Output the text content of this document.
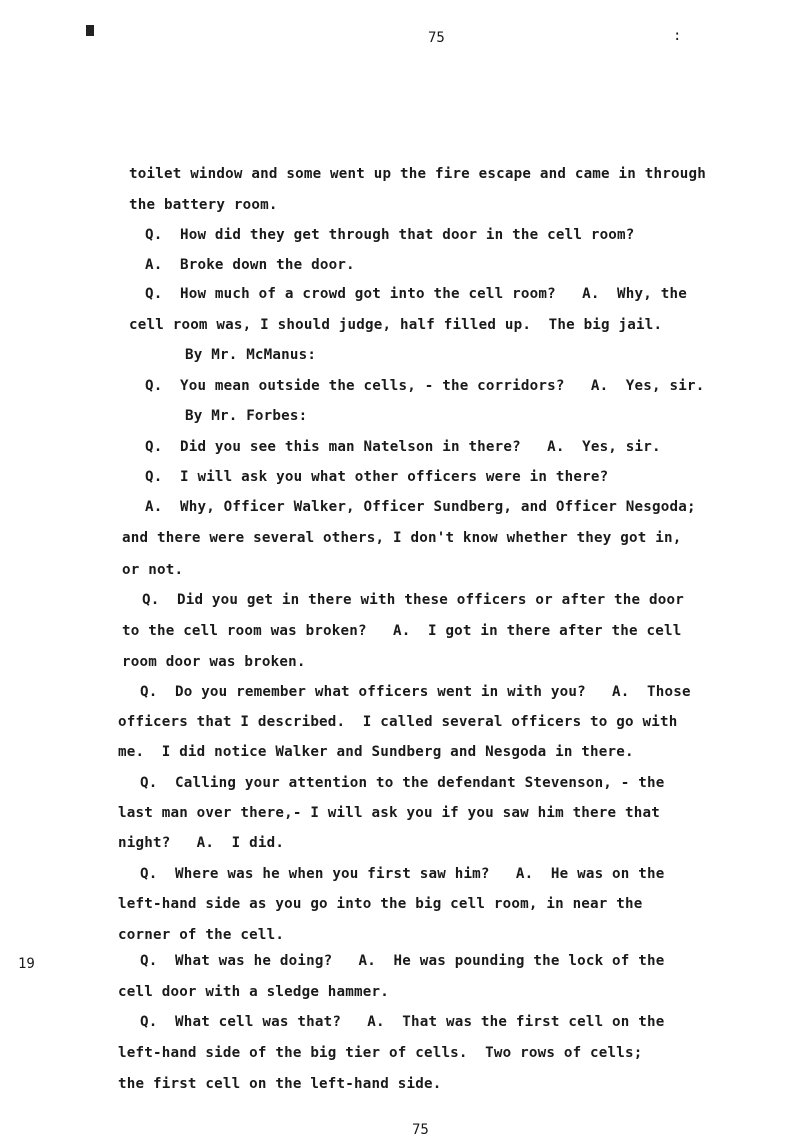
75	:
19
toilet window and some went up the fire escape and came in through
the battery room.
Q.  How did they get through that door in the cell room?
A.  Broke down the door.
Q.  How much of a crowd got into the cell room?   A.  Why, the
cell room was, I should judge, half filled up.  The big jail.
By Mr. McManus:
Q.  You mean outside the cells, - the corridors?   A.  Yes, sir.
By Mr. Forbes:
Q.  Did you see this man Natelson in there?   A.  Yes, sir.
Q.  I will ask you what other officers were in there?
A.  Why, Officer Walker, Officer Sundberg, and Officer Nesgoda;
and there were several others, I don't know whether they got in,
or not.
Q.  Did you get in there with these officers or after the door
to the cell room was broken?   A.  I got in there after the cell
room door was broken.
Q.  Do you remember what officers went in with you?   A.  Those
officers that I described.  I called several officers to go with
me.  I did notice Walker and Sundberg and Nesgoda in there.
Q.  Calling your attention to the defendant Stevenson, - the
last man over there,- I will ask you if you saw him there that
night?   A.  I did.
Q.  Where was he when you first saw him?   A.  He was on the
left-hand side as you go into the big cell room, in near the
corner of the cell.
Q.  What was he doing?   A.  He was pounding the lock of the
cell door with a sledge hammer.
Q.  What cell was that?   A.  That was the first cell on the
left-hand side of the big tier of cells.  Two rows of cells;
the first cell on the left-hand side.
75
